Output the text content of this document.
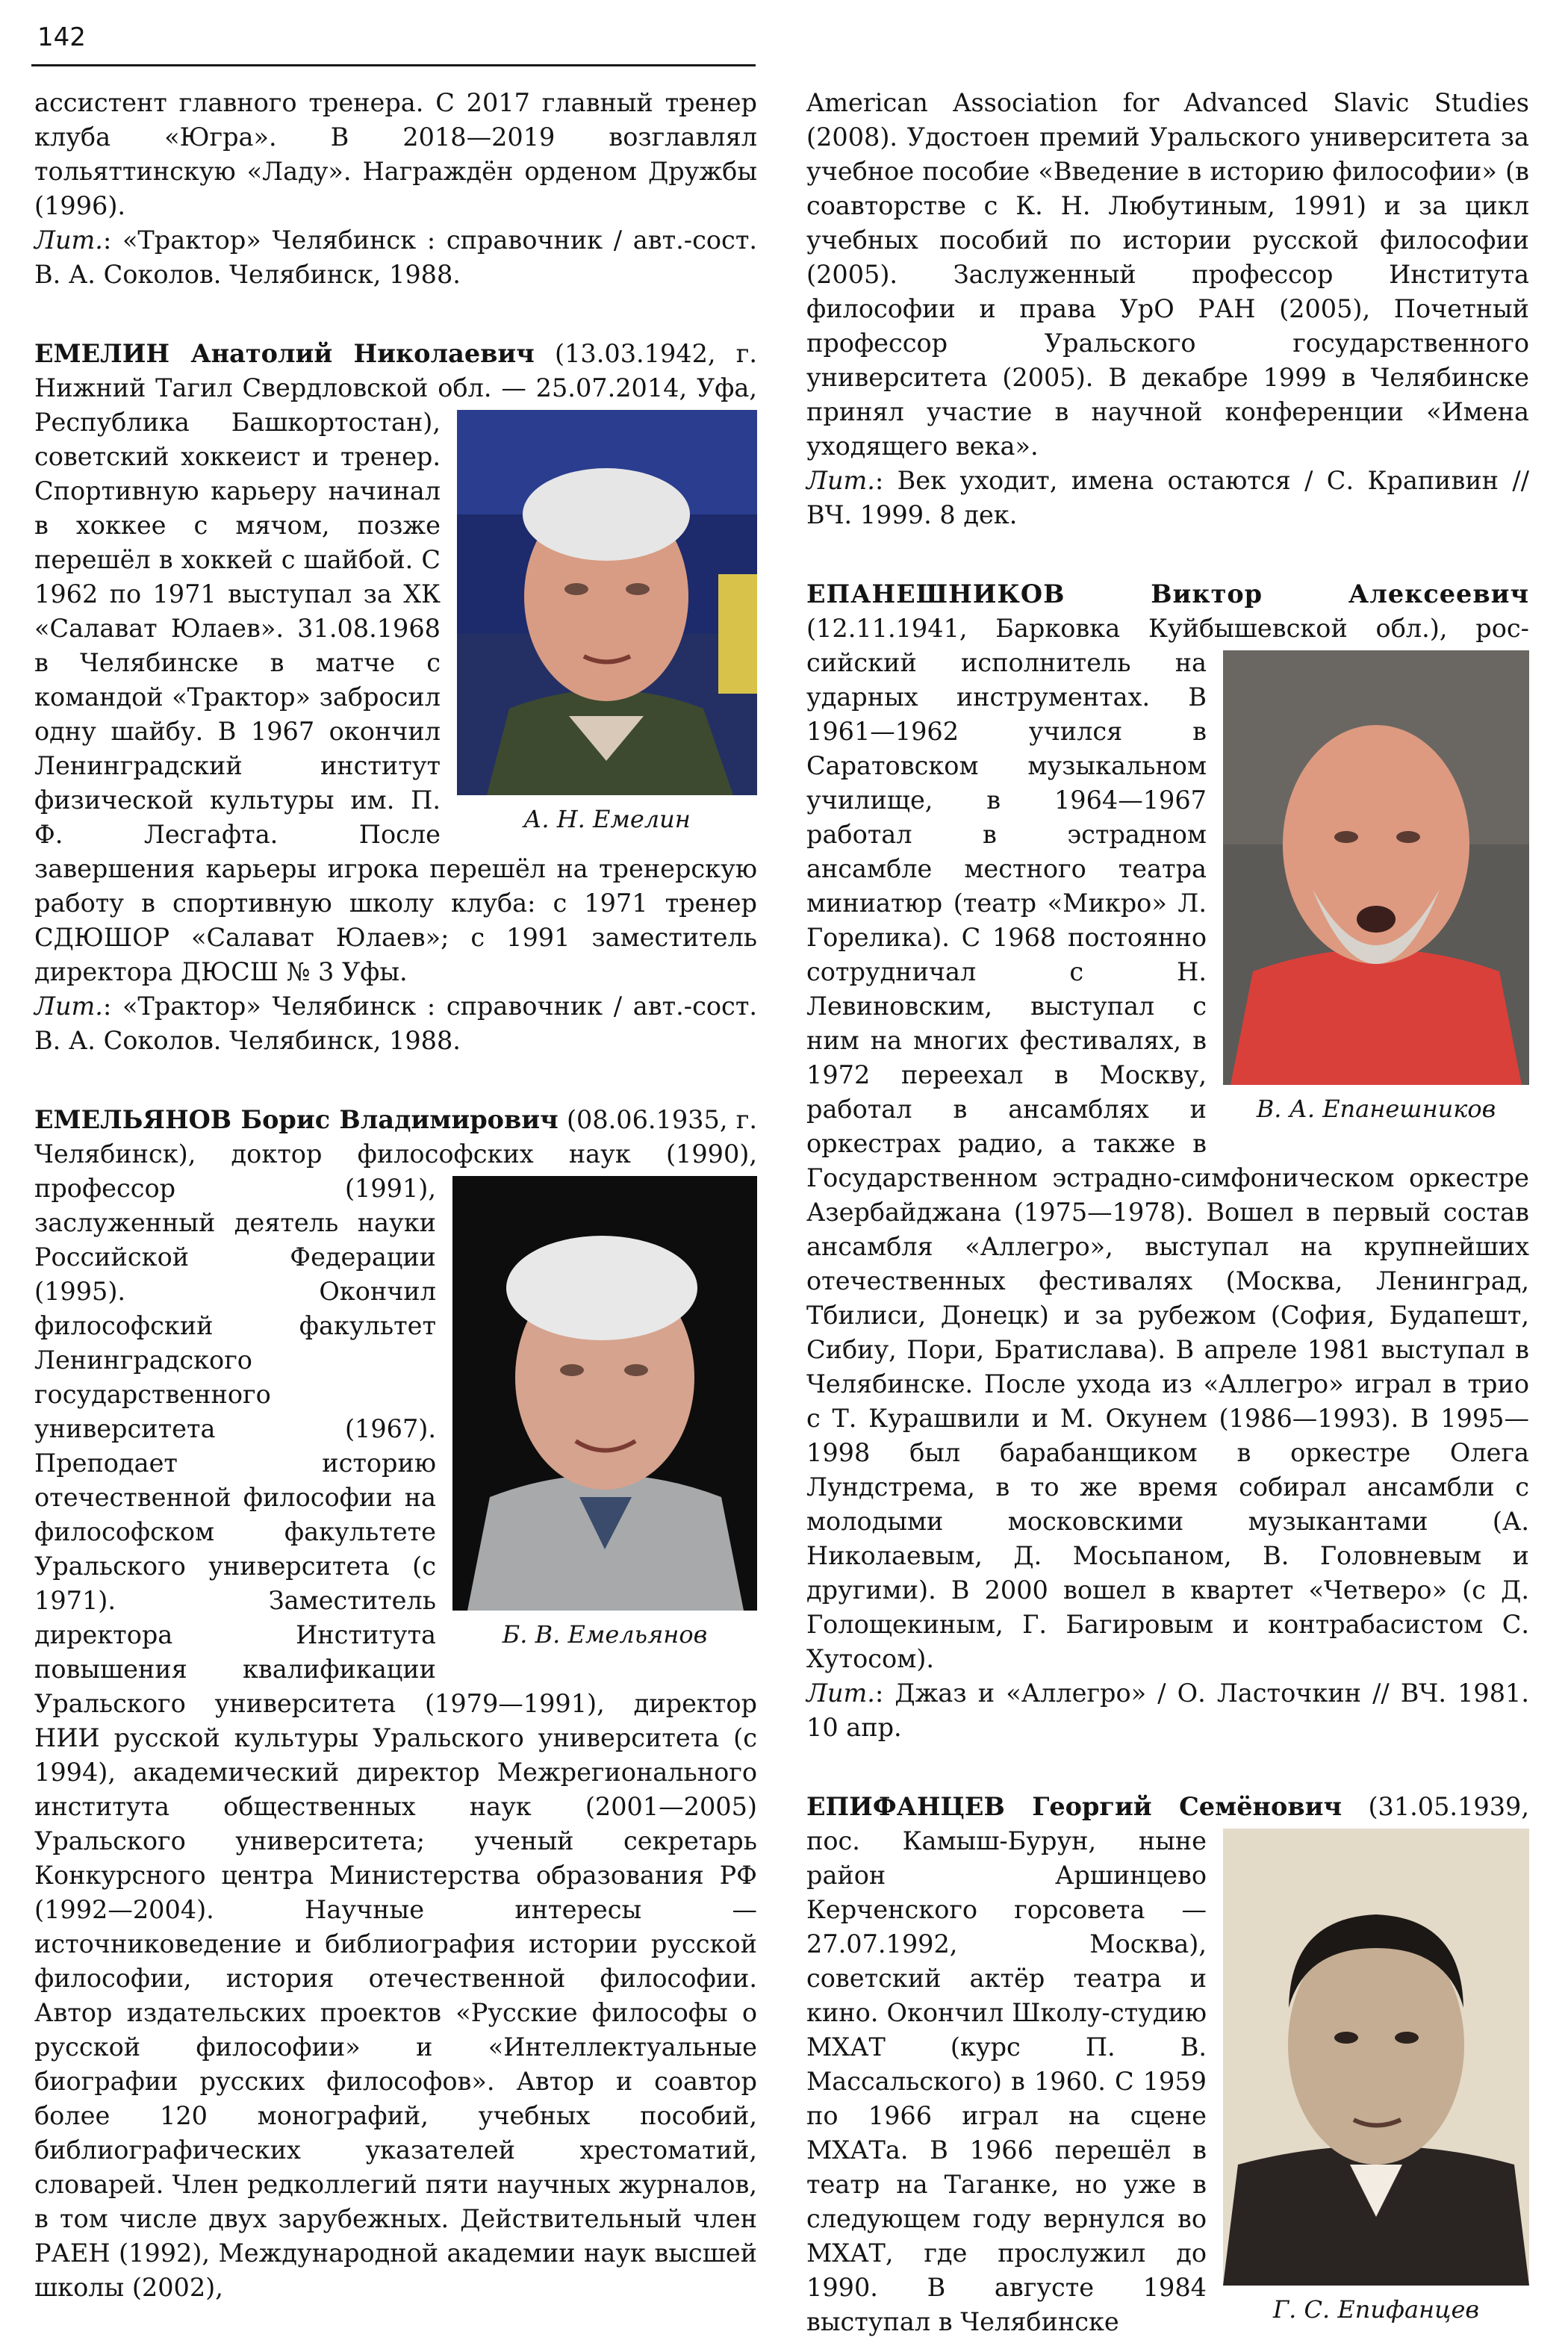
142

ассистент главного тренера. С 2017 главный тренер клуба «Югра». В 2018—2019 возглавлял тольяттинскую «Ладу». Награждён орденом Дружбы (1996).

Лит.: «Трактор» Челябинск : справочник / авт.-сост. В. А. Соколов. Челябинск, 1988.

ЕМЕЛИН Анатолий Николаевич (13.03.1942, г. Нижний Тагил Свердловской обл. —
А. Н. Емелин
25.07.2014, Уфа, Республика Башкортостан), советский хоккеист и тренер. Спортивную карьеру начинал в хоккее с мячом, позже перешёл в хоккей с шайбой. С 1962 по 1971 выступал за ХК «Салават Юлаев». 31.08.1968 в Челябинске в матче с командой «Трактор» забросил одну шайбу. В 1967 окончил Ленинградский институт физической культуры им. П. Ф. Лесгафта. После завершения карьеры игрока перешёл на тренерскую работу в спортивную школу клуба: с 1971 тренер СДЮШОР «Салават Юлаев»; с 1991 заместитель директора ДЮСШ № 3 Уфы.

Лит.: «Трактор» Челябинск : справочник / авт.-сост. В. А. Соколов. Челябинск, 1988.

ЕМЕЛЬЯНОВ Борис Владимирович (08.06.1935, г. Челябинск), доктор философских наук (1990),
Б. В. Емельянов
профессор (1991), заслуженный деятель науки Российской Федерации (1995). Окончил философский факультет Ленинградского государственного университета (1967). Преподает историю отечественной философии на философском факультете Уральского университета (с 1971). Заместитель директора Института повышения квалификации Уральского университета (1979—1991), директор НИИ русской культуры Уральского университета (с 1994), академический директор Межрегионального института общественных наук (2001—2005) Уральского университета; ученый секретарь Конкурсного центра Министерства образования РФ (1992—2004). Научные интересы — источниковедение и библиография истории русской философии, история отечественной философии. Автор издательских проектов «Русские философы о русской философии» и «Интеллектуальные биографии русских философов». Автор и соавтор более 120 монографий, учебных пособий, библиографических указателей хрестоматий, словарей. Член редколлегий пяти научных журналов, в том числе двух зарубежных. Действительный член РАЕН (1992), Международной академии наук высшей школы (2002),

American Association for Advanced Slavic Studies (2008). Удостоен премий Уральского университета за учебное пособие «Введение в историю философии» (в соавторстве с К. Н. Любутиным, 1991) и за цикл учебных пособий по истории русской философии (2005). Заслуженный профессор Института философии и права УрО РАН (2005), Почетный профессор Уральского государственного университета (2005). В декабре 1999 в Челябинске принял участие в научной конференции «Имена уходящего века».

Лит.: Век уходит, имена остаются / С. Крапивин // ВЧ. 1999. 8 дек.

ЕПАНЕШНИКОВ Виктор Алексеевич (12.11.1941, Барковка Куйбышевской обл.), рос-
В. А. Епанешников
сийский исполнитель на ударных инструментах. В 1961—1962 учился в Саратовском музыкальном училище, в 1964—1967 работал в эстрадном ансамбле местного театра миниатюр (театр «Микро» Л. Горелика). С 1968 постоянно сотрудничал с Н. Левиновским, выступал с ним на многих фестивалях, в 1972 переехал в Москву, работал в ансамблях и оркестрах радио, а также в Государственном эстрадно-симфоническом оркестре Азербайджана (1975—1978). Вошел в первый состав ансамбля «Аллегро», выступал на крупнейших отечественных фестивалях (Москва, Ленинград, Тбилиси, Донецк) и за рубежом (София, Будапешт, Сибиу, Пори, Братислава). В апреле 1981 выступал в Челябинске. После ухода из «Аллегро» играл в трио с Т. Курашвили и М. Окунем (1986—1993). В 1995—1998 был барабанщиком в оркестре Олега Лундстрема, в то же время собирал ансамбли с молодыми московскими музыкантами (А. Николаевым, Д. Мосьпаном, В. Головневым и другими). В 2000 вошел в квартет «Четверо» (с Д. Голощекиным, Г. Багировым и контрабасистом С. Хутосом).

Лит.: Джаз и «Аллегро» / О. Ласточкин // ВЧ. 1981. 10 апр.

ЕПИФАНЦЕВ Георгий Семёнович (31.05.1939,
Г. С. Епифанцев
пос. Камыш-Бурун, ныне район Аршинцево Керченского горсовета — 27.07.1992, Москва), советский актёр театра и кино. Окончил Школу-студию МХАТ (курс П. В. Массальского) в 1960. С 1959 по 1966 играл на сцене МХАТа. В 1966 перешёл в театр на Таганке, но уже в следующем году вернулся во МХАТ, где прослужил до 1990. В августе 1984 выступал в Челябинске
